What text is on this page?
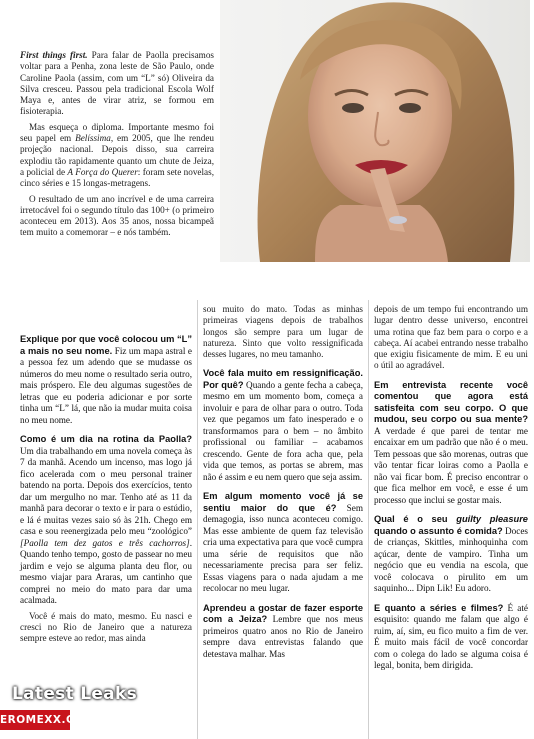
First things first. Para falar de Paolla precisamos voltar para a Penha, zona leste de São Paulo, onde Caroline Paola (assim, com um “L” só) Oliveira da Silva cresceu. Passou pela tradicional Escola Wolf Maya e, antes de virar atriz, se formou em fisioterapia.

Mas esqueça o diploma. Importante mesmo foi seu papel em Belíssima, em 2005, que lhe rendeu projeção nacional. Depois disso, sua carreira explodiu tão rapidamente quanto um chute de Jeiza, a policial de A Força do Querer: foram sete novelas, cinco séries e 15 longas-metragens.

O resultado de um ano incrível e de uma carreira irretocável foi o segundo título das 100+ (o primeiro aconteceu em 2013). Aos 35 anos, nossa bicampeã tem muito a comemorar – e nós também.

Explique por que você colocou um “L” a mais no seu nome. Fiz um mapa astral e a pessoa fez um adendo que se mudasse os números do meu nome o resultado seria outro, mais próspero. Ele deu algumas sugestões de letras que eu poderia adicionar e por sorte tinha um “L” lá, que não ia mudar muita coisa no meu nome.

Como é um dia na rotina da Paolla? Um dia trabalhando em uma novela começa às 7 da manhã. Acendo um incenso, mas logo já fico acelerada com o meu personal trainer batendo na porta. Depois dos exercícios, tento dar um mergulho no mar. Tenho até as 11 da manhã para decorar o texto e ir para o estúdio, e lá é muitas vezes saio só às 21h. Chego em casa e sou reenergizada pelo meu “zoológico” [Paolla tem dez gatos e três cachorros]. Quando tenho tempo, gosto de passear no meu jardim e vejo se alguma planta deu flor, ou mesmo viajar para Araras, um cantinho que comprei no meio do mato para dar uma acalmada.

Você é mais do mato, mesmo. Eu nasci e cresci no Rio de Janeiro que a natureza sempre esteve ao redor, mas ainda

sou muito do mato. Todas as minhas primeiras viagens depois de trabalhos longos são sempre para um lugar de natureza. Sinto que volto ressignificada desses lugares, no meu tamanho.

Você fala muito em ressignificação. Por quê? Quando a gente fecha a cabeça, mesmo em um momento bom, começa a involuir e para de olhar para o outro. Toda vez que pegamos um fato inesperado e o transformamos para o bem – no âmbito profissional ou familiar – acabamos crescendo. Gente de fora acha que, pela vida que temos, as portas se abrem, mas não é assim e eu nem quero que seja assim.

Em algum momento você já se sentiu maior do que é? Sem demagogia, isso nunca aconteceu comigo. Mas esse ambiente de quem faz televisão cria uma expectativa para que você cumpra uma série de requisitos que não necessariamente precisa para ser feliz. Essas viagens para o nada ajudam a me recolocar no meu lugar.

Aprendeu a gostar de fazer esporte com a Jeiza? Lembre que nos meus primeiros quatro anos no Rio de Janeiro sempre dava entrevistas falando que detestava malhar. Mas

depois de um tempo fui encontrando um lugar dentro desse universo, encontrei uma rotina que faz bem para o corpo e a cabeça. Aí acabei entrando nesse trabalho que exigiu fisicamente de mim. E eu uni o útil ao agradável.

Em entrevista recente você comentou que agora está satisfeita com seu corpo. O que mudou, seu corpo ou sua mente? A verdade é que parei de tentar me encaixar em um padrão que não é o meu. Tem pessoas que são morenas, outras que vão tentar ficar loiras como a Paolla e não vai ficar bom. É preciso encontrar o que fica melhor em você, e esse é um processo que inclui se gostar mais.

Qual é o seu guilty pleasure quando o assunto é comida? Doces de crianças, Skittles, minhoquinha com açúcar, dente de vampiro. Tinha um negócio que eu vendia na escola, que você colocava o pirulito em um saquinho... Dipn Lik! Eu adoro.

E quanto a séries e filmes? É até esquisito: quando me falam que algo é ruim, aí, sim, eu fico muito a fim de ver. É muito mais fácil de você concordar com o colega do lado se alguma coisa é legal, bonita, bem dirigida.

Latest Leaks
EROMEXX.COM
